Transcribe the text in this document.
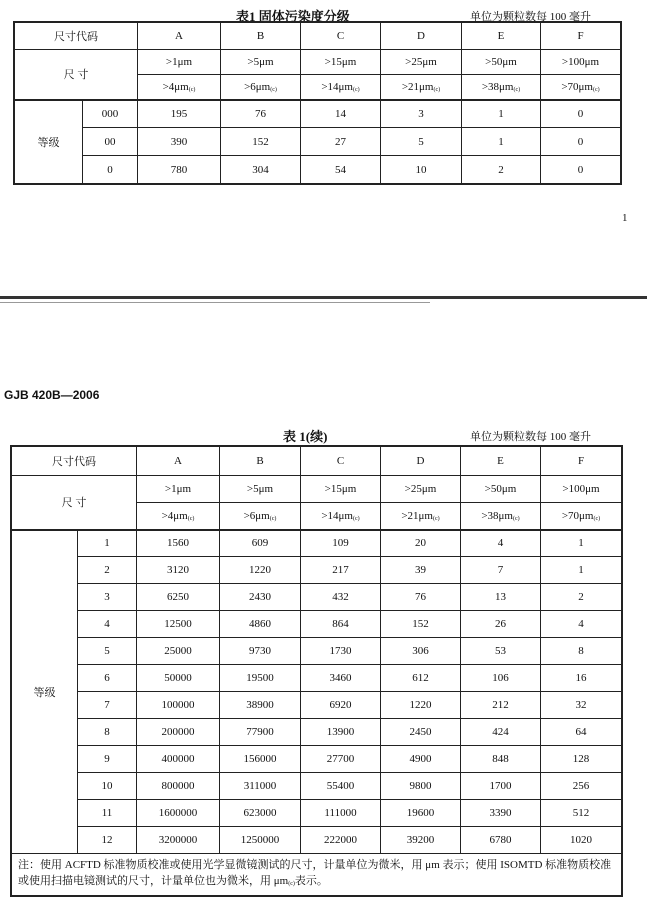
表1 固体污染度分级	单位为颗粒数每 100 毫升
尺寸代码		A	B	C	D	E	F
尺 寸		>1μm	>5μm	>15μm	>25μm	>50μm	>100μm
		$>4\mu m_{(c)}$	$>6\mu m_{(c)}$	$>14\mu m_{(c)}$	$>21\mu m_{(c)}$	$>38\mu m_{(c)}$	$>70\mu m_{(c)}$
等级	000	195	76	14	3	1	0
	00	390	152	27	5	1	0
	0	780	304	54	10	2	0
1
GJB 420B—2006
表 1(续)	单位为颗粒数每 100 毫升
尺寸代码		A	B	C	D	E	F
尺 寸		>1μm	>5μm	>15μm	>25μm	>50μm	>100μm
		$>4\mu m_{(c)}$	$>6\mu m_{(c)}$	$>14\mu m_{(c)}$	$>21\mu m_{(c)}$	$>38\mu m_{(c)}$	$>70\mu m_{(c)}$
等级	1	1560	609	109	20	4	1
	2	3120	1220	217	39	7	1
	3	6250	2430	432	76	13	2
	4	12500	4860	864	152	26	4
	5	25000	9730	1730	306	53	8
	6	50000	19500	3460	612	106	16
	7	100000	38900	6920	1220	212	32
	8	200000	77900	13900	2450	424	64
	9	400000	156000	27700	4900	848	128
	10	800000	311000	55400	9800	1700	256
	11	1600000	623000	111000	19600	3390	512
	12	3200000	1250000	222000	39200	6780	1020
注：使用 ACFTD 标准物质校准或使用光学显微镜测试的尺寸，计量单位为微米，用 μm 表示；使用 ISOMTD 标准物质校准或使用扫描电镜测试的尺寸，计量单位也为微米，用 $\mu m_{(c)}$表示。							
